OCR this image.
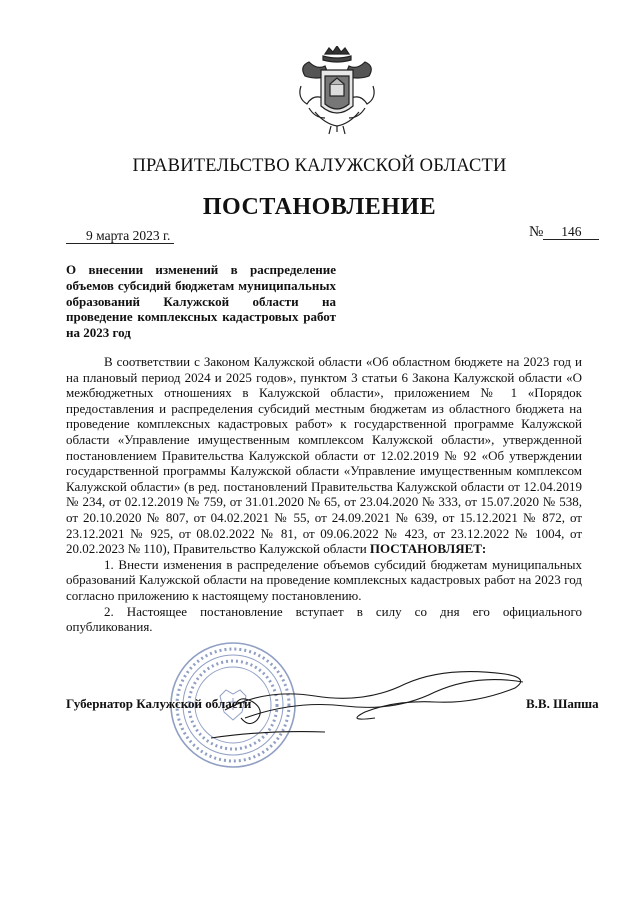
ПРАВИТЕЛЬСТВО КАЛУЖСКОЙ ОБЛАСТИ
ПОСТАНОВЛЕНИЕ
9 марта 2023 г.	№ 146
О внесении изменений в распределение объемов субсидий бюджетам муниципальных образований Калужской области на проведение комплексных кадастровых работ на 2023 год

В соответствии с Законом Калужской области «Об областном бюджете на 2023 год и на плановый период 2024 и 2025 годов», пунктом 3 статьи 6 Закона Калужской области «О межбюджетных отношениях в Калужской области», приложением № 1 «Порядок предоставления и распределения субсидий местным бюджетам из областного бюджета на проведение комплексных кадастровых работ» к государственной программе Калужской области «Управление имущественным комплексом Калужской области», утвержденной постановлением Правительства Калужской области от 12.02.2019 № 92 «Об утверждении государственной программы Калужской области «Управление имущественным комплексом Калужской области» (в ред. постановлений Правительства Калужской области от 12.04.2019 № 234, от 02.12.2019 № 759, от 31.01.2020 № 65, от 23.04.2020 № 333, от 15.07.2020 № 538, от 20.10.2020 № 807, от 04.02.2021 № 55, от 24.09.2021 № 639, от 15.12.2021 № 872, от 23.12.2021 № 925, от 08.02.2022 № 81, от 09.06.2022 № 423, от 23.12.2022 № 1004, от 20.02.2023 № 110), Правительство Калужской области ПОСТАНОВЛЯЕТ:

1. Внести изменения в распределение объемов субсидий бюджетам муниципальных образований Калужской области на проведение комплексных кадастровых работ на 2023 год согласно приложению к настоящему постановлению.

2. Настоящее постановление вступает в силу со дня его официального опубликования.

Губернатор Калужской области	В.В. Шапша
